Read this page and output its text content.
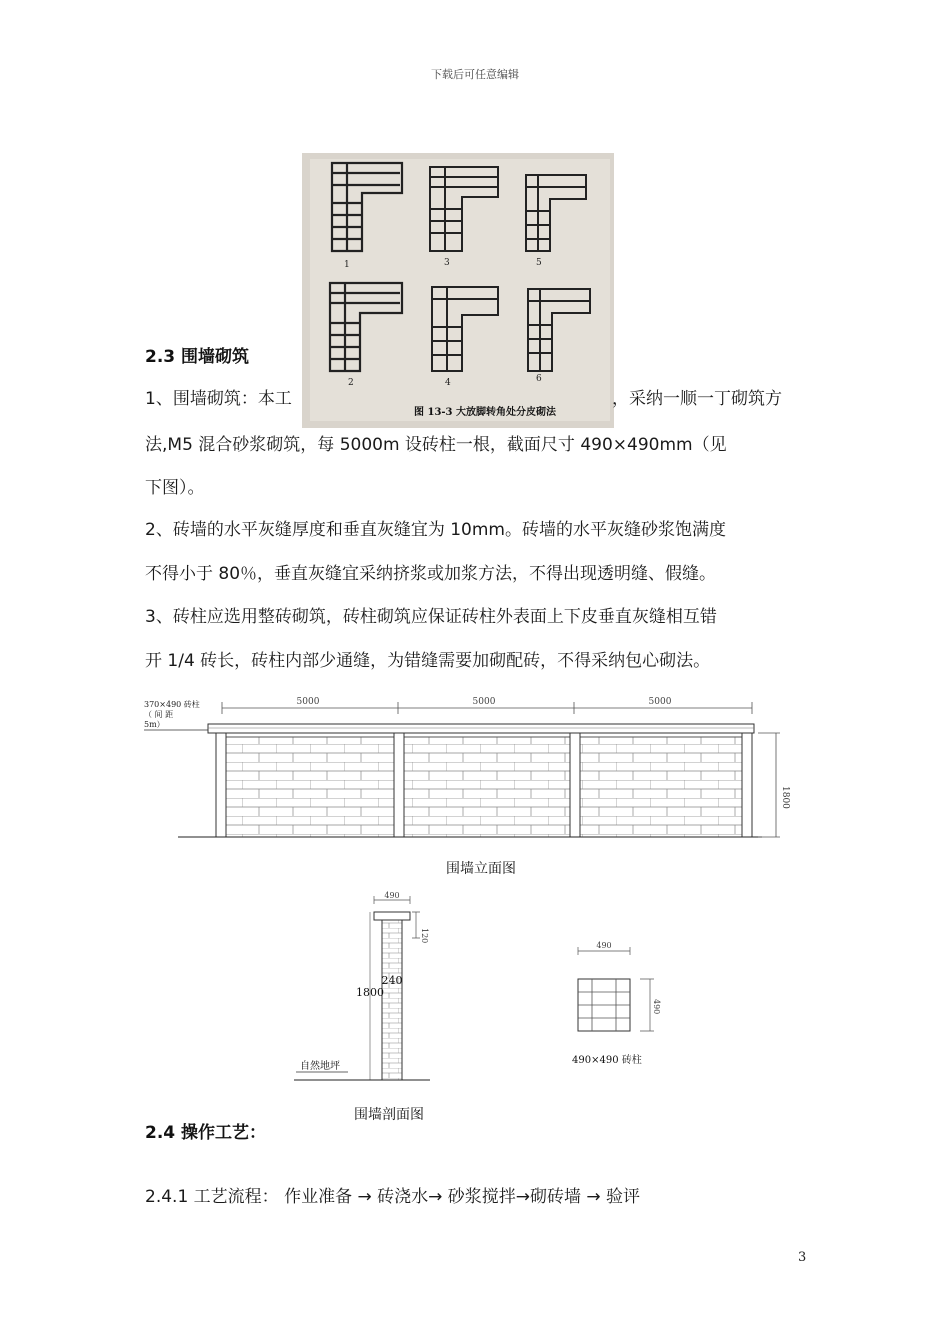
下载后可任意编辑
1	3	5
2	4	6
图 13-3 大放脚转角处分皮砌法
2.3 围墙砌筑
1、围墙砌筑：本工	，采纳一顺一丁砌筑方
法,M5 混合砂浆砌筑，每 5000m 设砖柱一根，截面尺寸 490×490mm（见
下图）。
2、砖墙的水平灰缝厚度和垂直灰缝宜为 10mm。砖墙的水平灰缝砂浆饱满度
不得小于 80％，垂直灰缝宜采纳挤浆或加浆方法，不得出现透明缝、假缝。
3、砖柱应选用整砖砌筑，砖柱砌筑应保证砖柱外表面上下皮垂直灰缝相互错
开 1/4 砖长，砖柱内部少通缝，为错缝需要加砌配砖，不得采纳包心砌法。
370×490 砖柱
（ 间 距
5m）
5000	5000	5000
1800
围墙立面图
490
120
240
1800
自然地坪
490
490
490×490 砖柱
围墙剖面图
2.4 操作工艺：
2.4.1 工艺流程： 作业准备 → 砖浇水→ 砂浆搅拌→砌砖墙 → 验评
3
